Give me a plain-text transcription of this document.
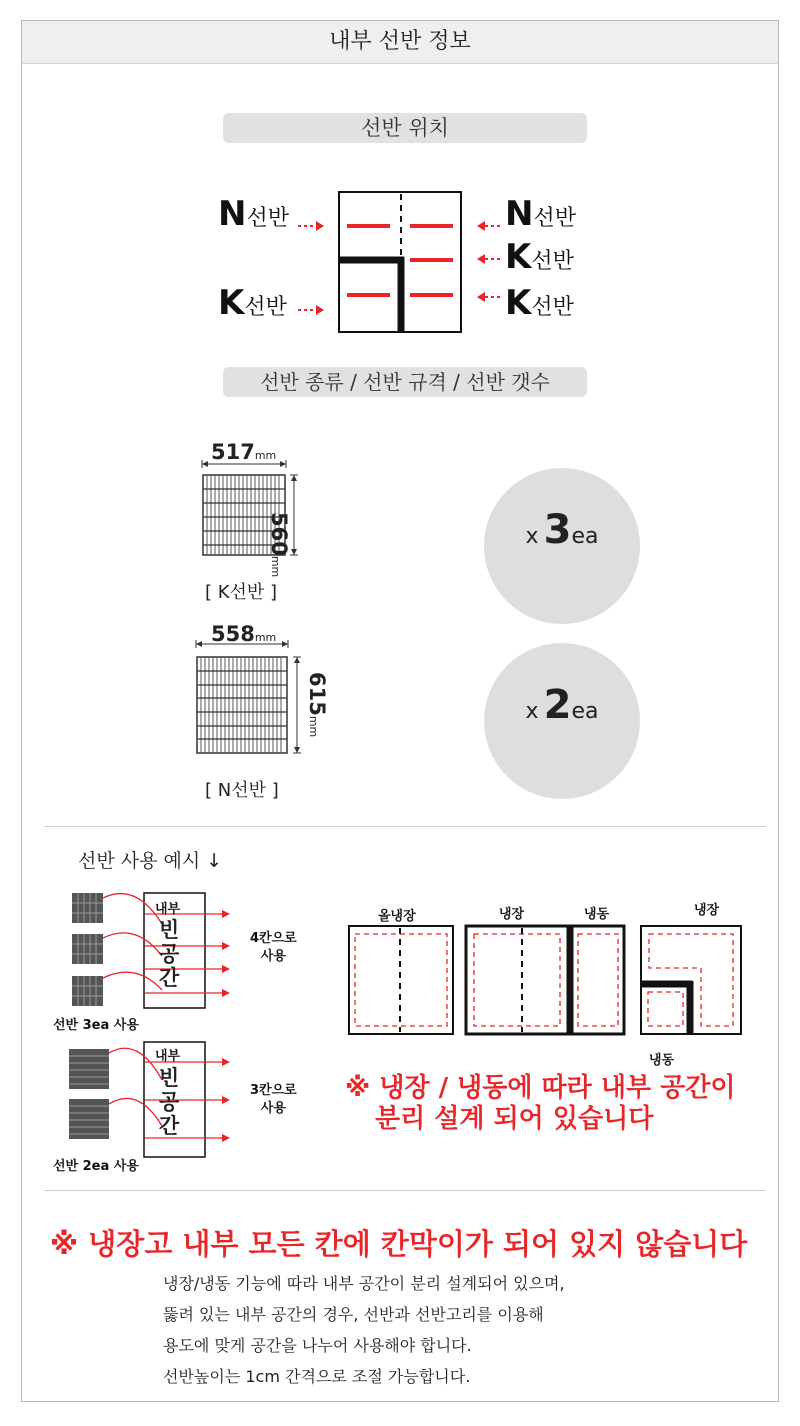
내부 선반 정보
선반 위치
N선반
K선반
N선반
K선반
K선반
선반 종류 / 선반 규격 / 선반 갯수
517mm
560mm
[ K선반 ]
x 3ea
558mm
615mm
[ N선반 ]
x 2ea
선반 사용 예시 ↓
내부
빈
공
간
4칸으로
사용
선반 3ea 사용
내부
빈
공
간
3칸으로
사용
선반 2ea 사용
올냉장	냉장	냉동	냉장
냉동
※ 냉장 / 냉동에 따라 내부 공간이
분리 설계 되어 있습니다
※ 냉장고 내부 모든 칸에 칸막이가 되어 있지 않습니다
냉장/냉동 기능에 따라 내부 공간이 분리 설계되어 있으며,
뚫려 있는 내부 공간의 경우, 선반과 선반고리를 이용해
용도에 맞게 공간을 나누어 사용해야 합니다.
선반높이는 1cm 간격으로 조절 가능합니다.
